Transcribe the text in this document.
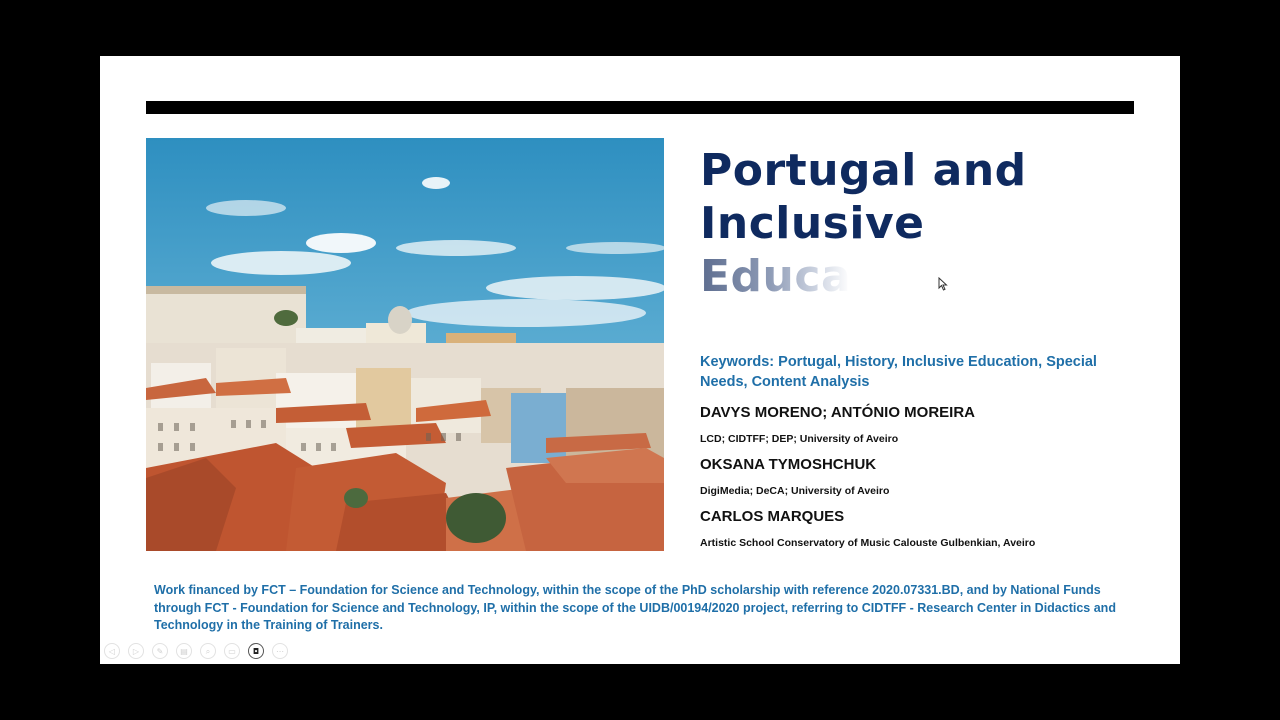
Portugal and
Inclusive
Educat
Keywords: Portugal, History, Inclusive Education, Special Needs, Content Analysis
DAVYS MORENO; ANTÓNIO MOREIRA
LCD; CIDTFF; DEP; University of Aveiro
OKSANA TYMOSHCHUK
DigiMedia; DeCA; University of Aveiro
CARLOS MARQUES
Artistic School Conservatory of Music Calouste Gulbenkian, Aveiro
Work financed by FCT – Foundation for Science and Technology, within the scope of the PhD scholarship with reference 2020.07331.BD, and by National Funds through FCT - Foundation for Science and Technology, IP, within the scope of the UIDB/00194/2020 project, referring to CIDTFF - Research Center in Didactics and Technology in the Training of Trainers.
◁	▷	✎	▤	⌕	▭	◘	⋯
